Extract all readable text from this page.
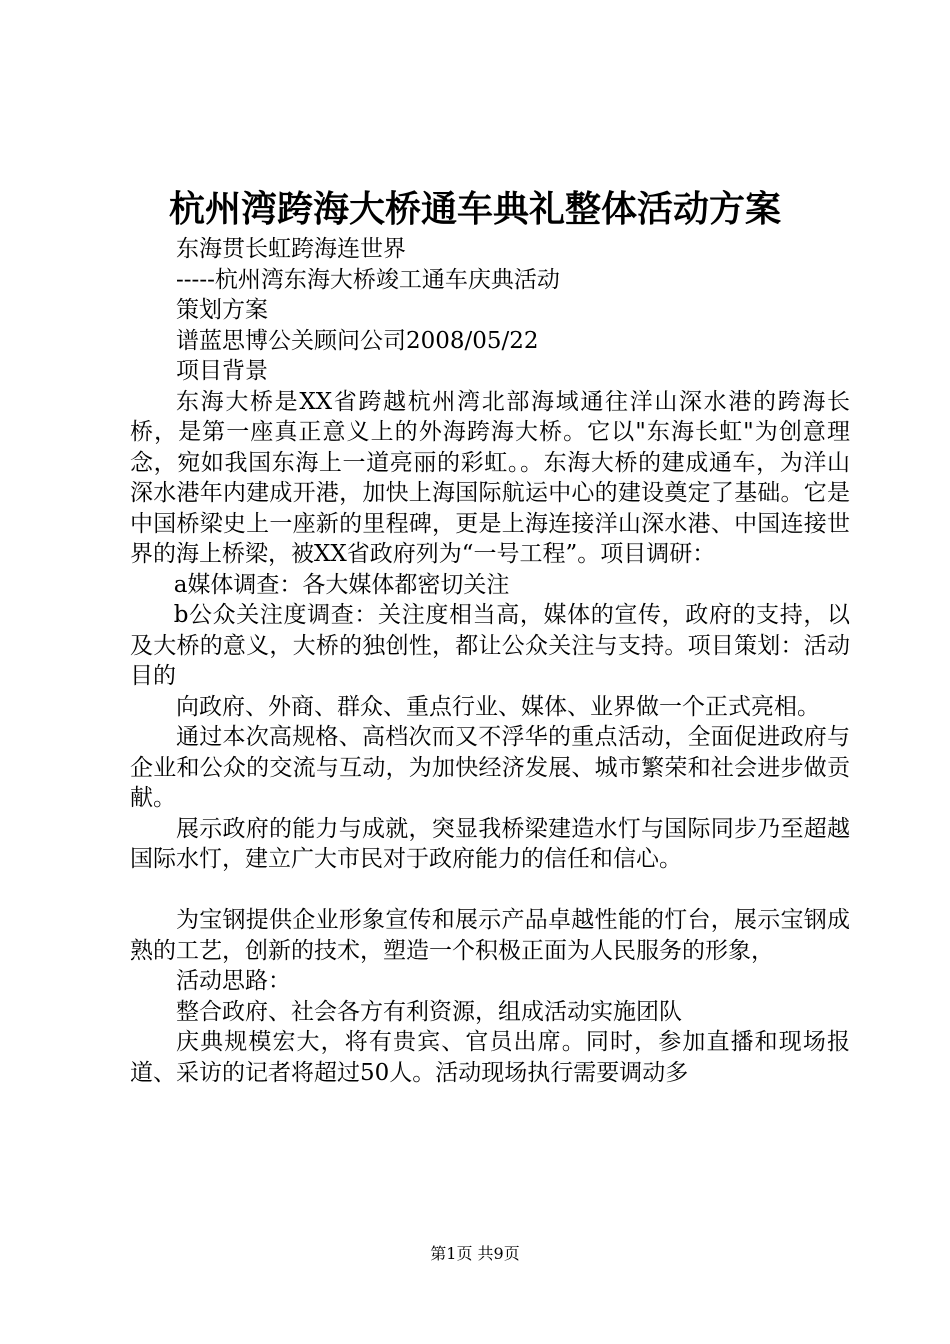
杭州湾跨海大桥通车典礼整体活动方案

东海贯长虹跨海连世界

-----杭州湾东海大桥竣工通车庆典活动

策划方案

谱蓝思博公关顾问公司2008/05/22

项目背景

东海大桥是XX省跨越杭州湾北部海域通往洋山深水港的跨海长桥，是第一座真正意义上的外海跨海大桥。它以"东海长虹"为创意理念，宛如我国东海上一道亮丽的彩虹。。东海大桥的建成通车，为洋山深水港年内建成开港，加快上海国际航运中心的建设奠定了基础。它是中国桥梁史上一座新的里程碑，更是上海连接洋山深水港、中国连接世界的海上桥梁，被XX省政府列为“一号工程”。项目调研：

a媒体调查：各大媒体都密切关注

b公众关注度调查：关注度相当高，媒体的宣传，政府的支持，以及大桥的意义，大桥的独创性，都让公众关注与支持。项目策划：活动目的

向政府、外商、群众、重点行业、媒体、业界做一个正式亮相。

通过本次高规格、高档次而又不浮华的重点活动，全面促进政府与企业和公众的交流与互动，为加快经济发展、城市繁荣和社会进步做贡献。

展示政府的能力与成就，突显我桥梁建造水忊与国际同步乃至超越国际水忊，建立广大市民对于政府能力的信任和信心。

为宝钢提供企业形象宣传和展示产品卓越性能的忊台，展示宝钢成熟的工艺，创新的技术，塑造一个积极正面为人民服务的形象，

活动思路：

整合政府、社会各方有利资源，组成活动实施团队

庆典规模宏大，将有贵宾、官员出席。同时，参加直播和现场报道、采访的记者将超过50人。活动现场执行需要调动多

第1页 共9页
